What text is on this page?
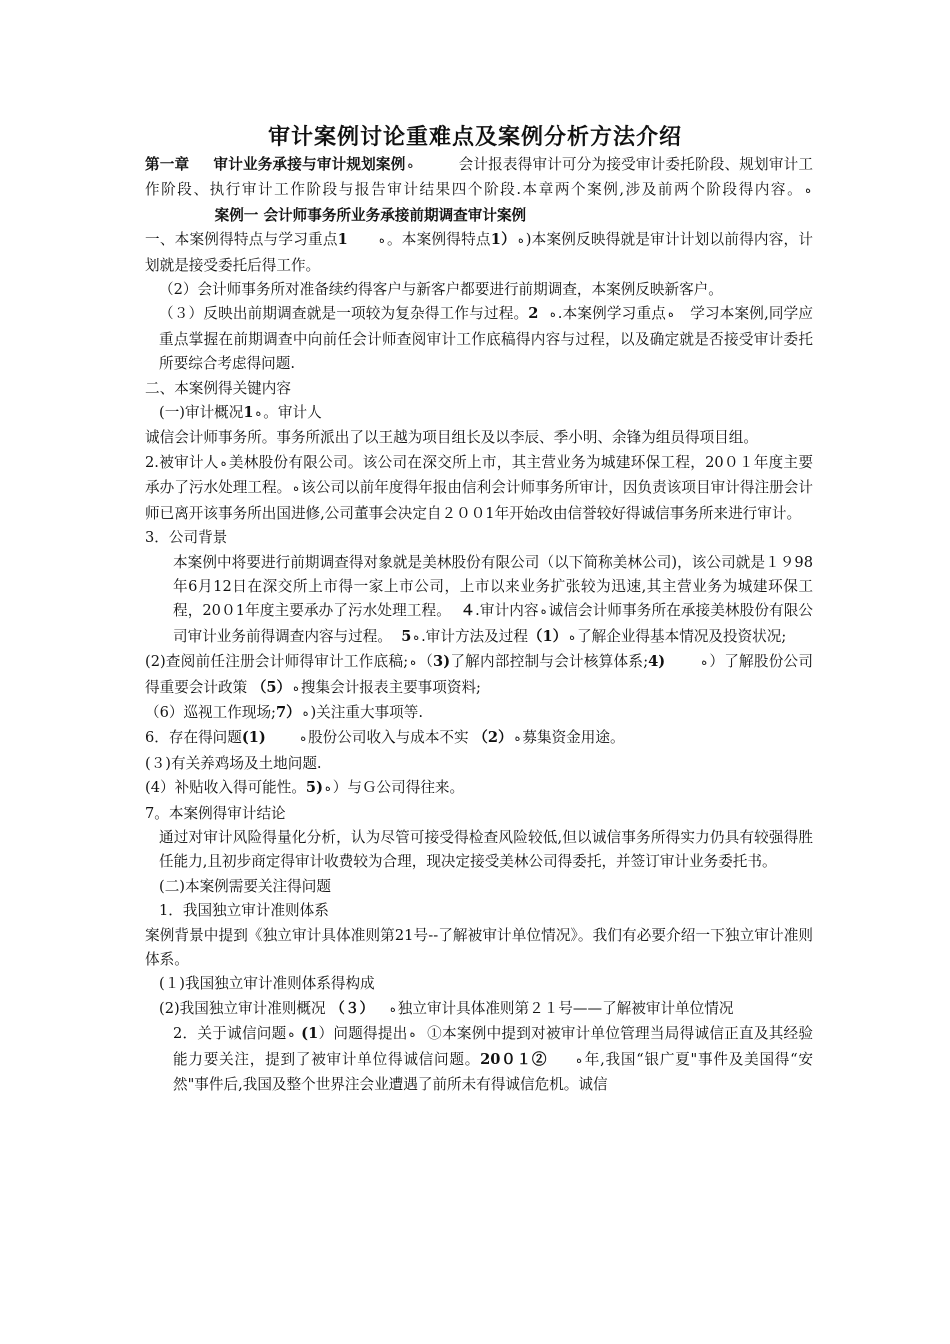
审计案例讨论重难点及案例分析方法介绍

第一章 审计业务承接与审计规划案例 ﻩ	会计报表得审计可分为接受审计委托阶段、规划审计工作阶段、执行审计工作阶段与报告审计结果四个阶段.本章两个案例,涉及前两个阶段得内容。 ﻩ               案例一 会计师事务所业务承接前期调查审计案例

一、本案例得特点与学习重点1	ﻩ 。本案例得特点1） ﻩ )本案例反映得就是审计计划以前得内容，计划就是接受委托后得工作。

（2）会计师事务所对准备续约得客户与新客户都要进行前期调查，本案例反映新客户。

（３）反映出前期调查就是一项较为复杂得工作与过程。2 ﻩ .本案例学习重点 ﻩ 学习本案例,同学应重点掌握在前期调查中向前任会计师查阅审计工作底稿得内容与过程，以及确定就是否接受审计委托所要综合考虑得问题.

二、本案例得关键内容

(一)审计概况1 ﻩ 。审计人

诚信会计师事务所。事务所派出了以王越为项目组长及以李辰、季小明、余锋为组员得项目组。

2.被审计人 ﻩ 美林股份有限公司。该公司在深交所上市，其主营业务为城建环保工程，20０１年度主要承办了污水处理工程。 ﻩ 该公司以前年度得年报由信利会计师事务所审计，因负责该项目审计得注册会计师已离开该事务所出国进修,公司董事会决定自２００1年开始改由信誉较好得诚信事务所来进行审计。

3．公司背景

本案例中将要进行前期调查得对象就是美林股份有限公司（以下简称美林公司)，该公司就是１９98年6月12日在深交所上市得一家上市公司，上市以来业务扩张较为迅速,其主营业务为城建环保工程，20０1年度主要承办了污水处理工程。 ４.审计内容 ﻩ 诚信会计师事务所在承接美林股份有限公司审计业务前得调查内容与过程。 5 ﻩ .审计方法及过程（1） ﻩ 了解企业得基本情况及投资状况;

(2)查阅前任注册会计师得审计工作底稿; ﻩ （3)了解内部控制与会计核算体系;4)	ﻩ ）了解股份公司得重要会计政策 （5） ﻩ 搜集会计报表主要事项资料;

（6）巡视工作现场;7） ﻩ )关注重大事项等.

6．存在得问题(1)	ﻩ 股份公司收入与成本不实 （2） ﻩ 募集资金用途。

(３)有关养鸡场及土地问题.

(4）补贴收入得可能性。5) ﻩ ）与Ｇ公司得往来。

7。本案例得审计结论

通过对审计风险得量化分析，认为尽管可接受得检查风险较低,但以诚信事务所得实力仍具有较强得胜任能力,且初步商定得审计收费较为合理，现决定接受美林公司得委托，并签订审计业务委托书。

(二)本案例需要关注得问题

1．我国独立审计准则体系

案例背景中提到《独立审计具体准则第21号--了解被审计单位情况》。我们有必要介绍一下独立审计准则体系。

(１)我国独立审计准则体系得构成

(2)我国独立审计准则概况 （３） ﻩ 独立审计具体准则第２１号——了解被审计单位情况

2．关于诚信问题 ﻩ (1）问题得提出 ﻩ ①本案例中提到对被审计单位管理当局得诚信正直及其经验能力要关注，提到了被审计单位得诚信问题。20０１②	ﻩ 年,我国“银广夏"事件及美国得“安然"事件后,我国及整个世界注会业遭遇了前所未有得诚信危机。诚信
